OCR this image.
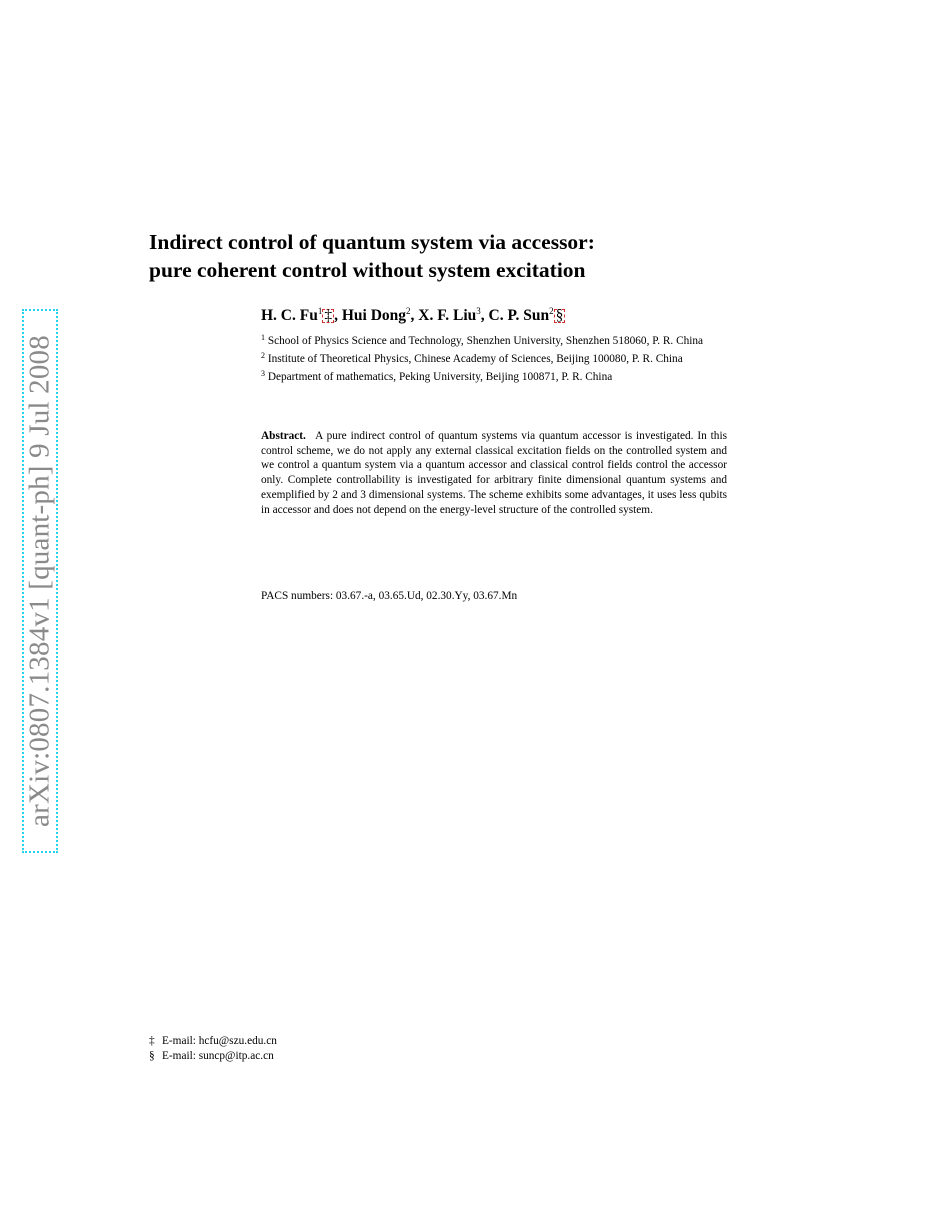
arXiv:0807.1384v1 [quant-ph] 9 Jul 2008
Indirect control of quantum system via accessor:
pure coherent control without system excitation
H. C. Fu$^1$ ‡ , Hui Dong$^2$, X. F. Liu$^3$, C. P. Sun$^2$ §

$^1$ School of Physics Science and Technology, Shenzhen University, Shenzhen 518060, P. R. China

$^2$ Institute of Theoretical Physics, Chinese Academy of Sciences, Beijing 100080, P. R. China

$^3$ Department of mathematics, Peking University, Beijing 100871, P. R. China

Abstract. A pure indirect control of quantum systems via quantum accessor is investigated. In this control scheme, we do not apply any external classical excitation fields on the controlled system and we control a quantum system via a quantum accessor and classical control fields control the accessor only. Complete controllability is investigated for arbitrary finite dimensional quantum systems and exemplified by 2 and 3 dimensional systems. The scheme exhibits some advantages, it uses less qubits in accessor and does not depend on the energy-level structure of the controlled system.
PACS numbers: 03.67.-a, 03.65.Ud, 02.30.Yy, 03.67.Mn
‡ E-mail: hcfu@szu.edu.cn
§ E-mail: suncp@itp.ac.cn
